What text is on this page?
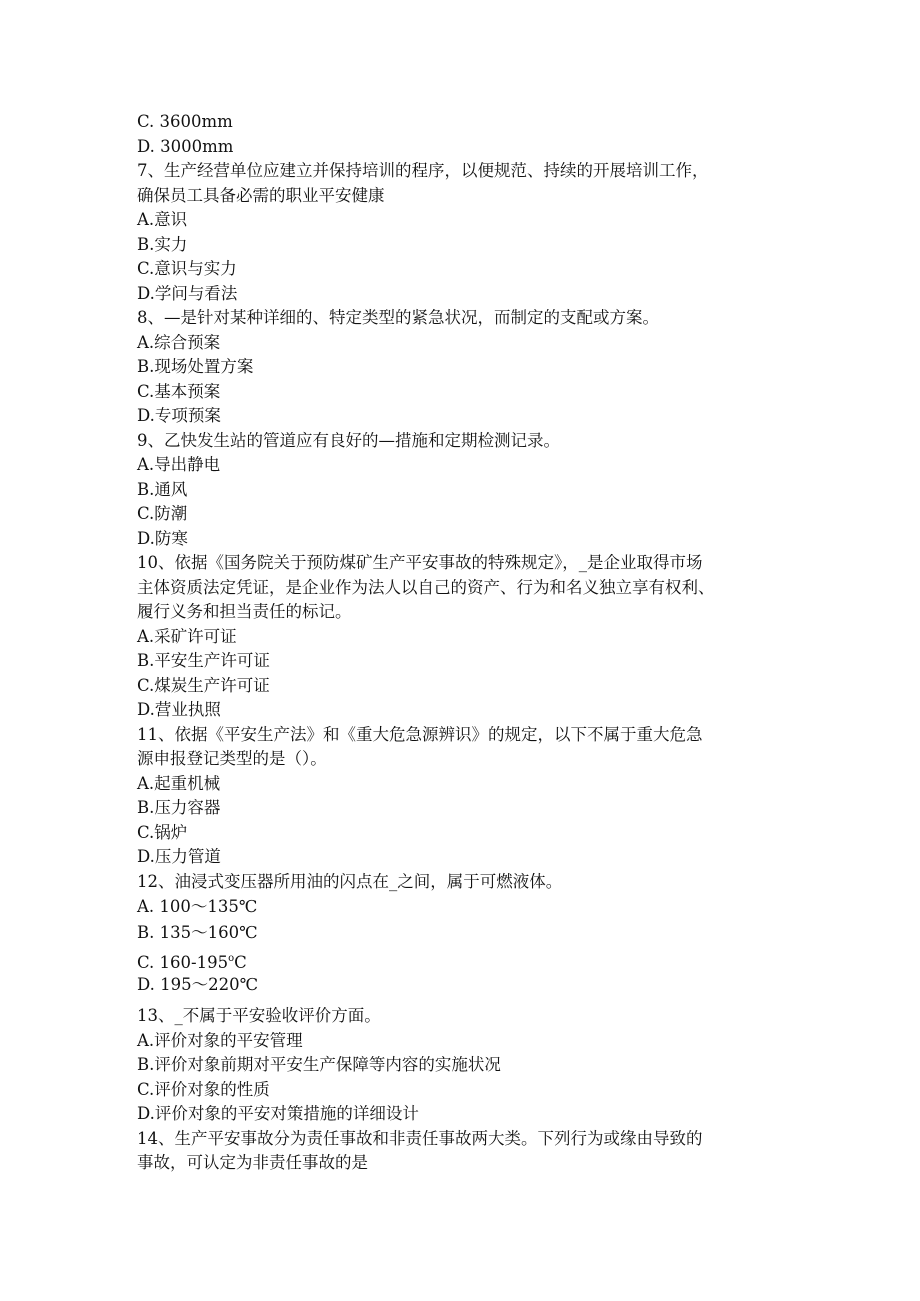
C. 3600mm
D. 3000mm
7、生产经营单位应建立并保持培训的程序，以便规范、持续的开展培训工作，
确保员工具备必需的职业平安健康
A.意识
B.实力
C.意识与实力
D.学问与看法
8、—是针对某种详细的、特定类型的紧急状况，而制定的支配或方案。
A.综合预案
B.现场处置方案
C.基本预案
D.专项预案
9、乙快发生站的管道应有良好的—措施和定期检测记录。
A.导出静电
B.通风
C.防潮
D.防寒
10、依据《国务院关于预防煤矿生产平安事故的特殊规定》，_是企业取得市场
主体资质法定凭证，是企业作为法人以自己的资产、行为和名义独立享有权利、
履行义务和担当责任的标记。
A.采矿许可证
B.平安生产许可证
C.煤炭生产许可证
D.营业执照
11、依据《平安生产法》和《重大危急源辨识》的规定，以下不属于重大危急
源申报登记类型的是（）。
A.起重机械
B.压力容器
C.锅炉
D.压力管道
12、油浸式变压器所用油的闪点在_之间，属于可燃液体。
A. 100～135℃
B. 135～160℃
C. 160-195$^o$C
D. 195～220℃
13、_不属于平安验收评价方面。
A.评价对象的平安管理
B.评价对象前期对平安生产保障等内容的实施状况
C.评价对象的性质
D.评价对象的平安对策措施的详细设计
14、生产平安事故分为责任事故和非责任事故两大类。下列行为或缘由导致的
事故，可认定为非责任事故的是
